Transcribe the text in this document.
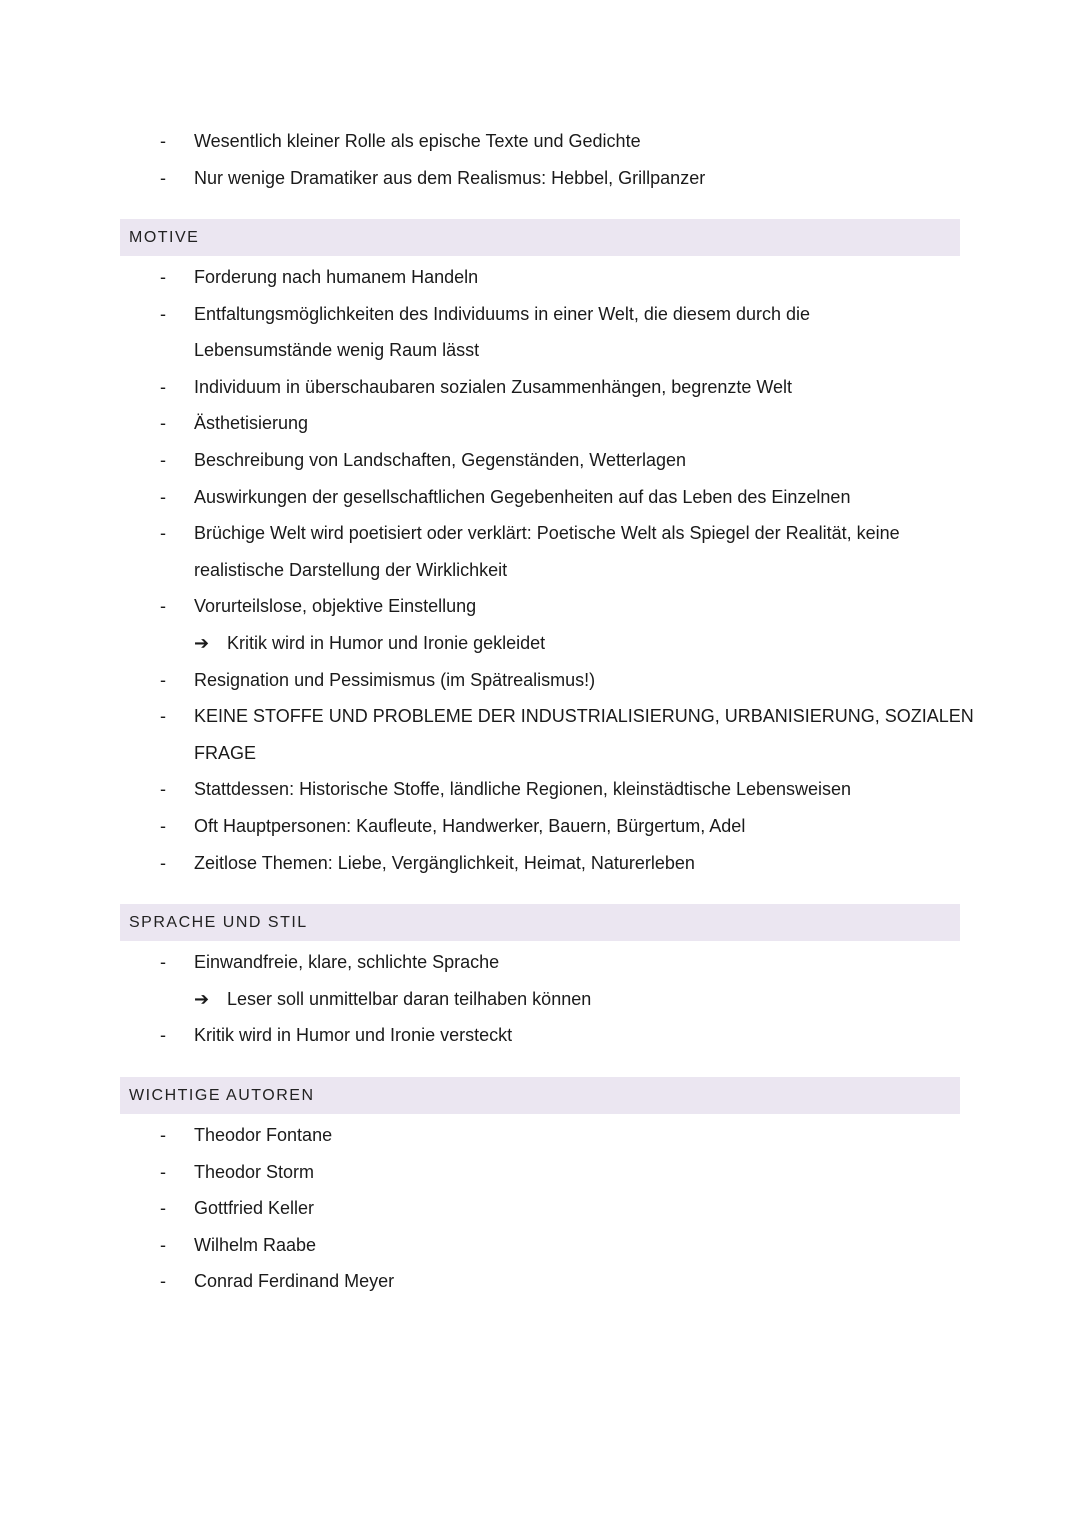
- Wesentlich kleiner Rolle als epische Texte und Gedichte
- Nur wenige Dramatiker aus dem Realismus: Hebbel, Grillpanzer
MOTIVE
- Forderung nach humanem Handeln
- Entfaltungsmöglichkeiten des Individuums in einer Welt, die diesem durch die
Lebensumstände wenig Raum lässt
- Individuum in überschaubaren sozialen Zusammenhängen, begrenzte Welt
- Ästhetisierung
- Beschreibung von Landschaften, Gegenständen, Wetterlagen
- Auswirkungen der gesellschaftlichen Gegebenheiten auf das Leben des Einzelnen
- Brüchige Welt wird poetisiert oder verklärt: Poetische Welt als Spiegel der Realität, keine
realistische Darstellung der Wirklichkeit
- Vorurteilslose, objektive Einstellung
➔ Kritik wird in Humor und Ironie gekleidet
- Resignation und Pessimismus (im Spätrealismus!)
- KEINE STOFFE UND PROBLEME DER INDUSTRIALISIERUNG, URBANISIERUNG, SOZIALEN
FRAGE
- Stattdessen: Historische Stoffe, ländliche Regionen, kleinstädtische Lebensweisen
- Oft Hauptpersonen: Kaufleute, Handwerker, Bauern, Bürgertum, Adel
- Zeitlose Themen: Liebe, Vergänglichkeit, Heimat, Naturerleben
SPRACHE UND STIL
- Einwandfreie, klare, schlichte Sprache
➔ Leser soll unmittelbar daran teilhaben können
- Kritik wird in Humor und Ironie versteckt
WICHTIGE AUTOREN
- Theodor Fontane
- Theodor Storm
- Gottfried Keller
- Wilhelm Raabe
- Conrad Ferdinand Meyer
